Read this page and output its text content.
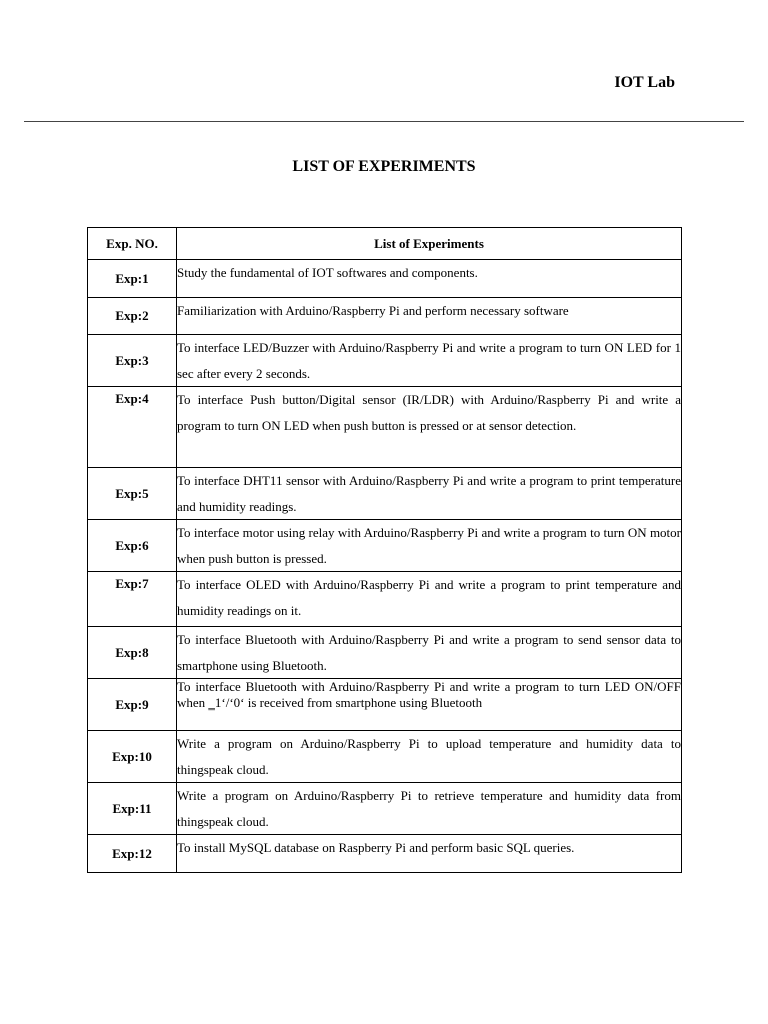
IOT Lab
LIST OF EXPERIMENTS
Exp. NO.	List of Experiments
Exp:1	Study the fundamental of IOT softwares and components.
Exp:2	Familiarization with Arduino/Raspberry Pi and perform necessary software
Exp:3	To interface LED/Buzzer with Arduino/Raspberry Pi and write a program to turn ON LED for 1 sec after every 2 seconds.
Exp:4	To interface Push button/Digital sensor (IR/LDR) with Arduino/Raspberry Pi and write a program to turn ON LED when push button is pressed or at sensor detection.
Exp:5	To interface DHT11 sensor with Arduino/Raspberry Pi and write a program to print temperature and humidity readings.
Exp:6	To interface motor using relay with Arduino/Raspberry Pi and write a program to turn ON motor when push button is pressed.
Exp:7	To interface OLED with Arduino/Raspberry Pi and write a program to print temperature and humidity readings on it.
Exp:8	To interface Bluetooth with Arduino/Raspberry Pi and write a program to send sensor data to smartphone using Bluetooth.
Exp:9	To interface Bluetooth with Arduino/Raspberry Pi and write a program to turn LED ON/OFF when ‗1‘/‘0‘ is received from smartphone using Bluetooth
Exp:10	Write a program on Arduino/Raspberry Pi to upload temperature and humidity data to thingspeak cloud.
Exp:11	Write a program on Arduino/Raspberry Pi to retrieve temperature and humidity data from thingspeak cloud.
Exp:12	To install MySQL database on Raspberry Pi and perform basic SQL queries.
